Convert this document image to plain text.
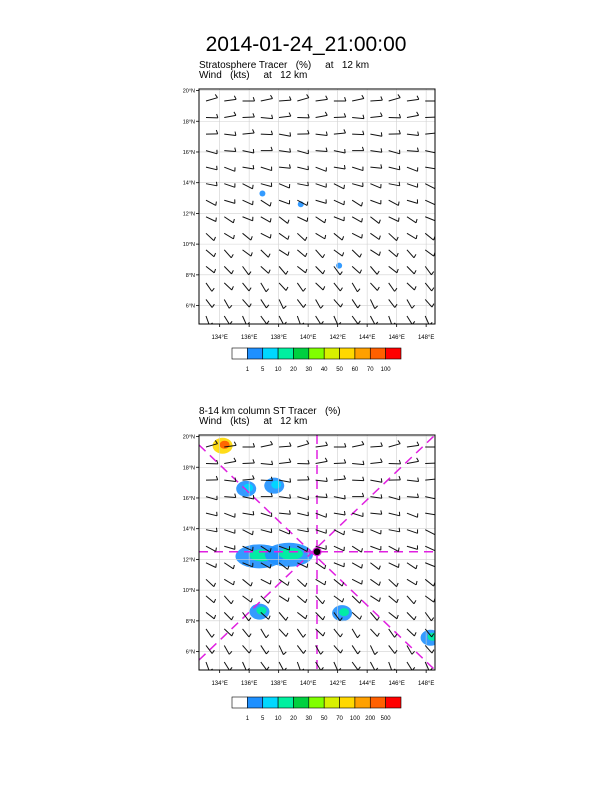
2014-01-24_21:00:00
Stratosphere Tracer   (%)     at   12 km
Wind   (kts)     at   12 km
8-14 km column ST Tracer   (%)
Wind   (kts)     at   12 km
134°E 136°E 138°E 140°E 142°E 144°E 146°E 148°E
6°N
8°N
10°N
12°N
14°N
16°N
18°N
20°N
1 5 10 20 30 40 50 60 70 100
134°E 136°E 138°E 140°E 142°E 144°E 146°E 148°E
6°N
8°N
10°N
12°N
14°N
16°N
18°N
20°N
1 5 10 20 30 50 70 100 200 500
